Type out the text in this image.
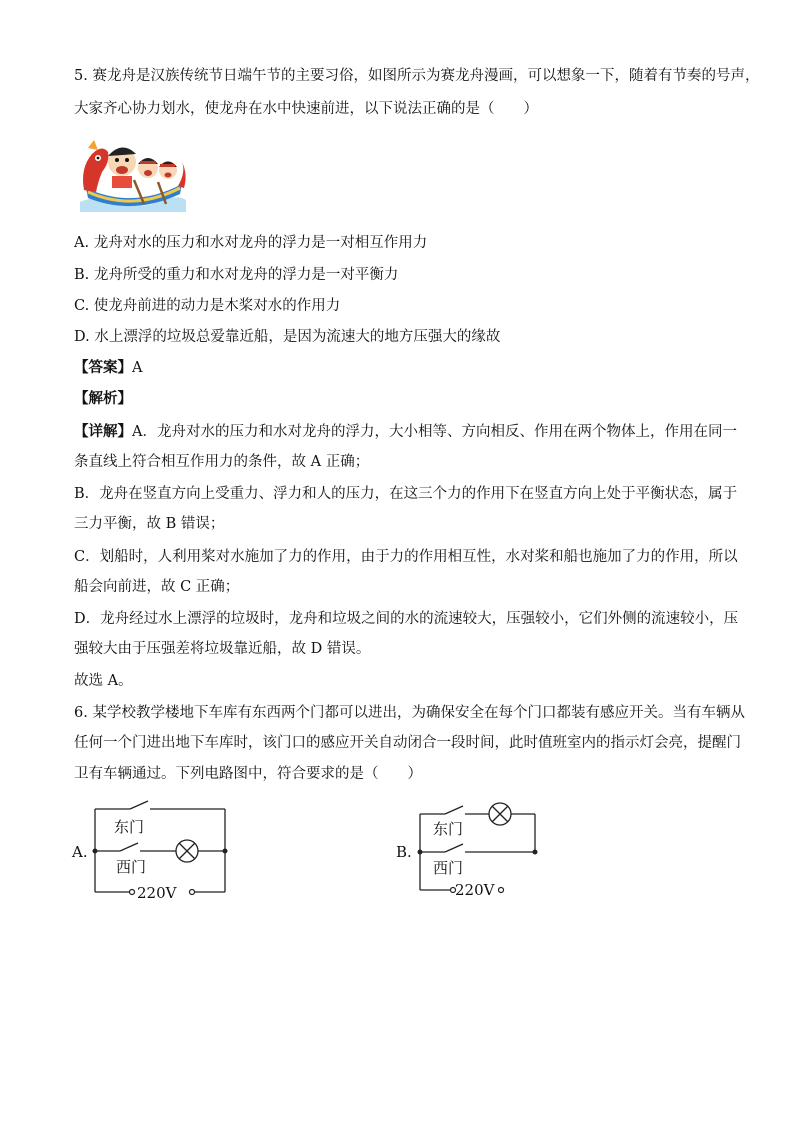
5. 赛龙舟是汉族传统节日端午节的主要习俗，如图所示为赛龙舟漫画，可以想象一下，随着有节奏的号声，
大家齐心协力划水，使龙舟在水中快速前进，以下说法正确的是（　　）
A. 龙舟对水的压力和水对龙舟的浮力是一对相互作用力
B. 龙舟所受的重力和水对龙舟的浮力是一对平衡力
C. 使龙舟前进的动力是木桨对水的作用力
D. 水上漂浮的垃圾总爱靠近船，是因为流速大的地方压强大的缘故
【答案】A
【解析】
【详解】A．龙舟对水的压力和水对龙舟的浮力，大小相等、方向相反、作用在两个物体上，作用在同一
条直线上符合相互作用力的条件，故 A 正确；
B．龙舟在竖直方向上受重力、浮力和人的压力，在这三个力的作用下在竖直方向上处于平衡状态，属于
三力平衡，故 B 错误；
C．划船时，人利用桨对水施加了力的作用，由于力的作用相互性，水对桨和船也施加了力的作用，所以
船会向前进，故 C 正确；
D．龙舟经过水上漂浮的垃圾时，龙舟和垃圾之间的水的流速较大，压强较小，它们外侧的流速较小，压
强较大由于压强差将垃圾靠近船，故 D 错误。
故选 A。
6. 某学校教学楼地下车库有东西两个门都可以进出，为确保安全在每个门口都装有感应开关。当有车辆从
任何一个门进出地下车库时，该门口的感应开关自动闭合一段时间，此时值班室内的指示灯会亮，提醒门
卫有车辆通过。下列电路图中，符合要求的是（　　）
A.
东门
西门
220V
B.
东门
西门
220V
